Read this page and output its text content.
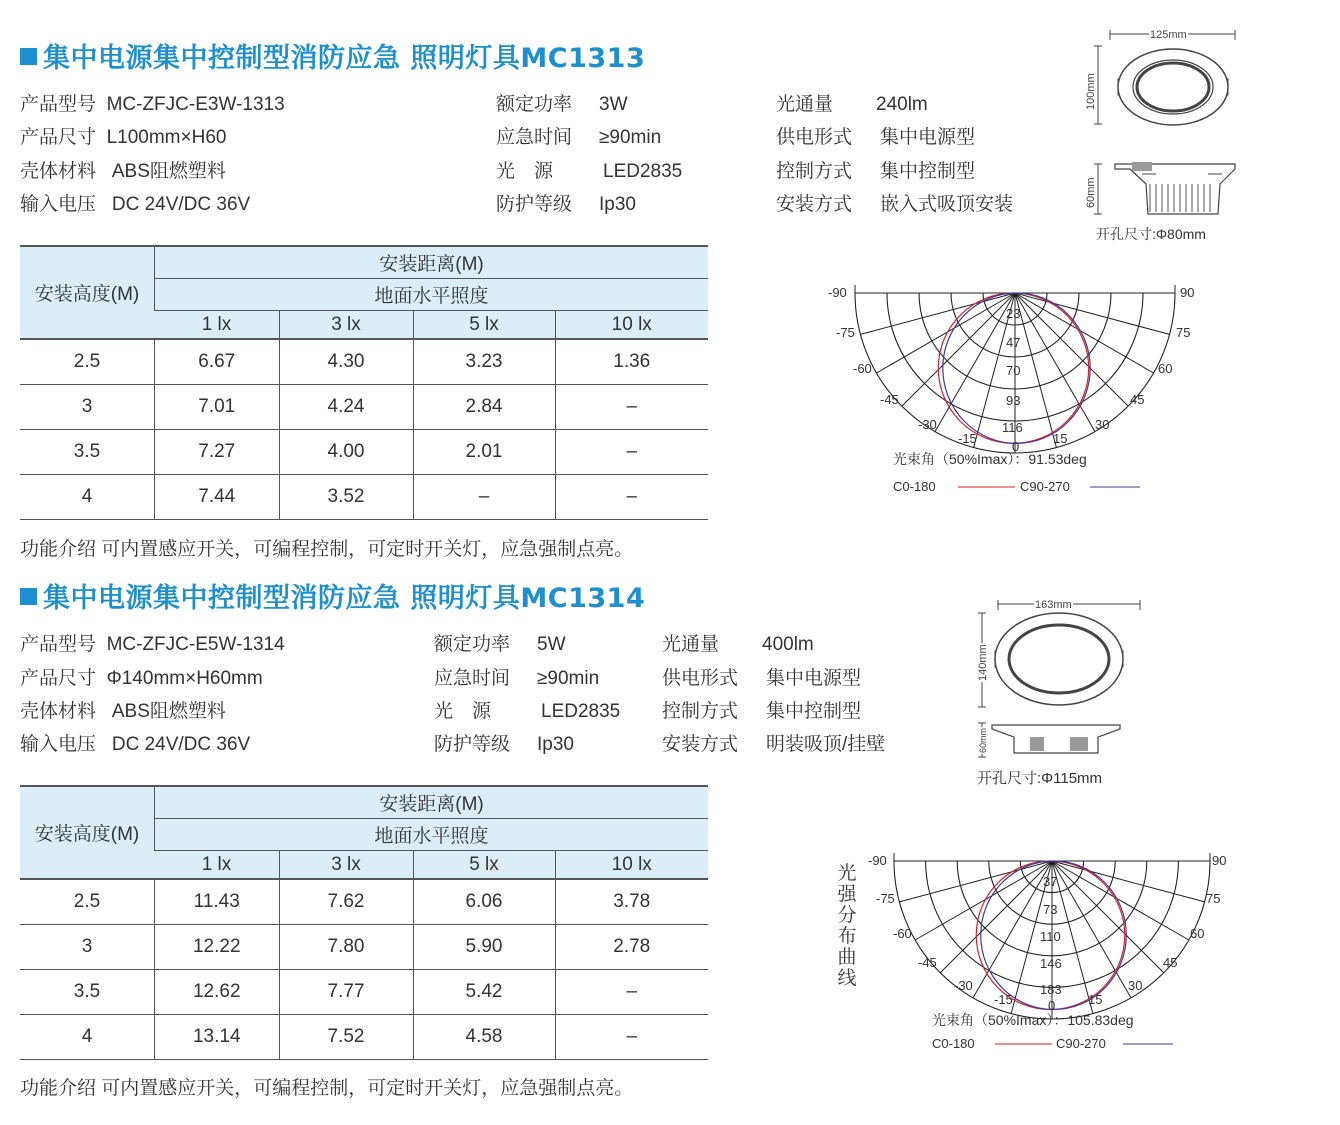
集中电源集中控制型消防应急 照明灯具MC1313
产品型号 MC-ZFJC-E3W-1313
产品尺寸 L100mm×H60
壳体材料 ABS阻燃塑料
输入电压 DC 24V/DC 36V
额定功率 3W
应急时间 ≥90min
光　源	LED2835
防护等级 Ip30
光通量 240lm
供电形式 集中电源型
控制方式 集中控制型
安装方式 嵌入式吸顶安装
安装高度(M)	安装距离(M)			
	地面水平照度			
	1 lx	3 lx	5 lx	10 lx
2.5	6.67	4.30	3.23	1.36
3	7.01	4.24	2.84	–
3.5	7.27	4.00	2.01	–
4	7.44	3.52	–	–
功能介绍 可内置感应开关，可编程控制，可定时开关灯，应急强制点亮。
125mm
100mm
60mm
开孔尺寸:Φ80mm
-90	90
-75	75
-60	60
-45	45
-30	30
-15	15
0
23
47
70
93
116
光束角（50%Imax）：91.53deg
C0-180	C90-270
集中电源集中控制型消防应急 照明灯具MC1314
产品型号 MC-ZFJC-E5W-1314
产品尺寸 Φ140mm×H60mm
壳体材料 ABS阻燃塑料
输入电压 DC 24V/DC 36V
额定功率 5W
应急时间 ≥90min
光　源	LED2835
防护等级 Ip30
光通量 400lm
供电形式 集中电源型
控制方式 集中控制型
安装方式 明装吸顶/挂壁
安装高度(M)	安装距离(M)			
	地面水平照度			
	1 lx	3 lx	5 lx	10 lx
2.5	11.43	7.62	6.06	3.78
3	12.22	7.80	5.90	2.78
3.5	12.62	7.77	5.42	–
4	13.14	7.52	4.58	–
功能介绍 可内置感应开关，可编程控制，可定时开关灯，应急强制点亮。
163mm
140mm
60mm
开孔尺寸:Φ115mm
光
强
分
布
曲
线
-90	90
-75	75
-60	60
-45	45
-30	30
-15	15
0
37
73
110
146
183
光束角（50%Imax）：105.83deg
C0-180	C90-270
